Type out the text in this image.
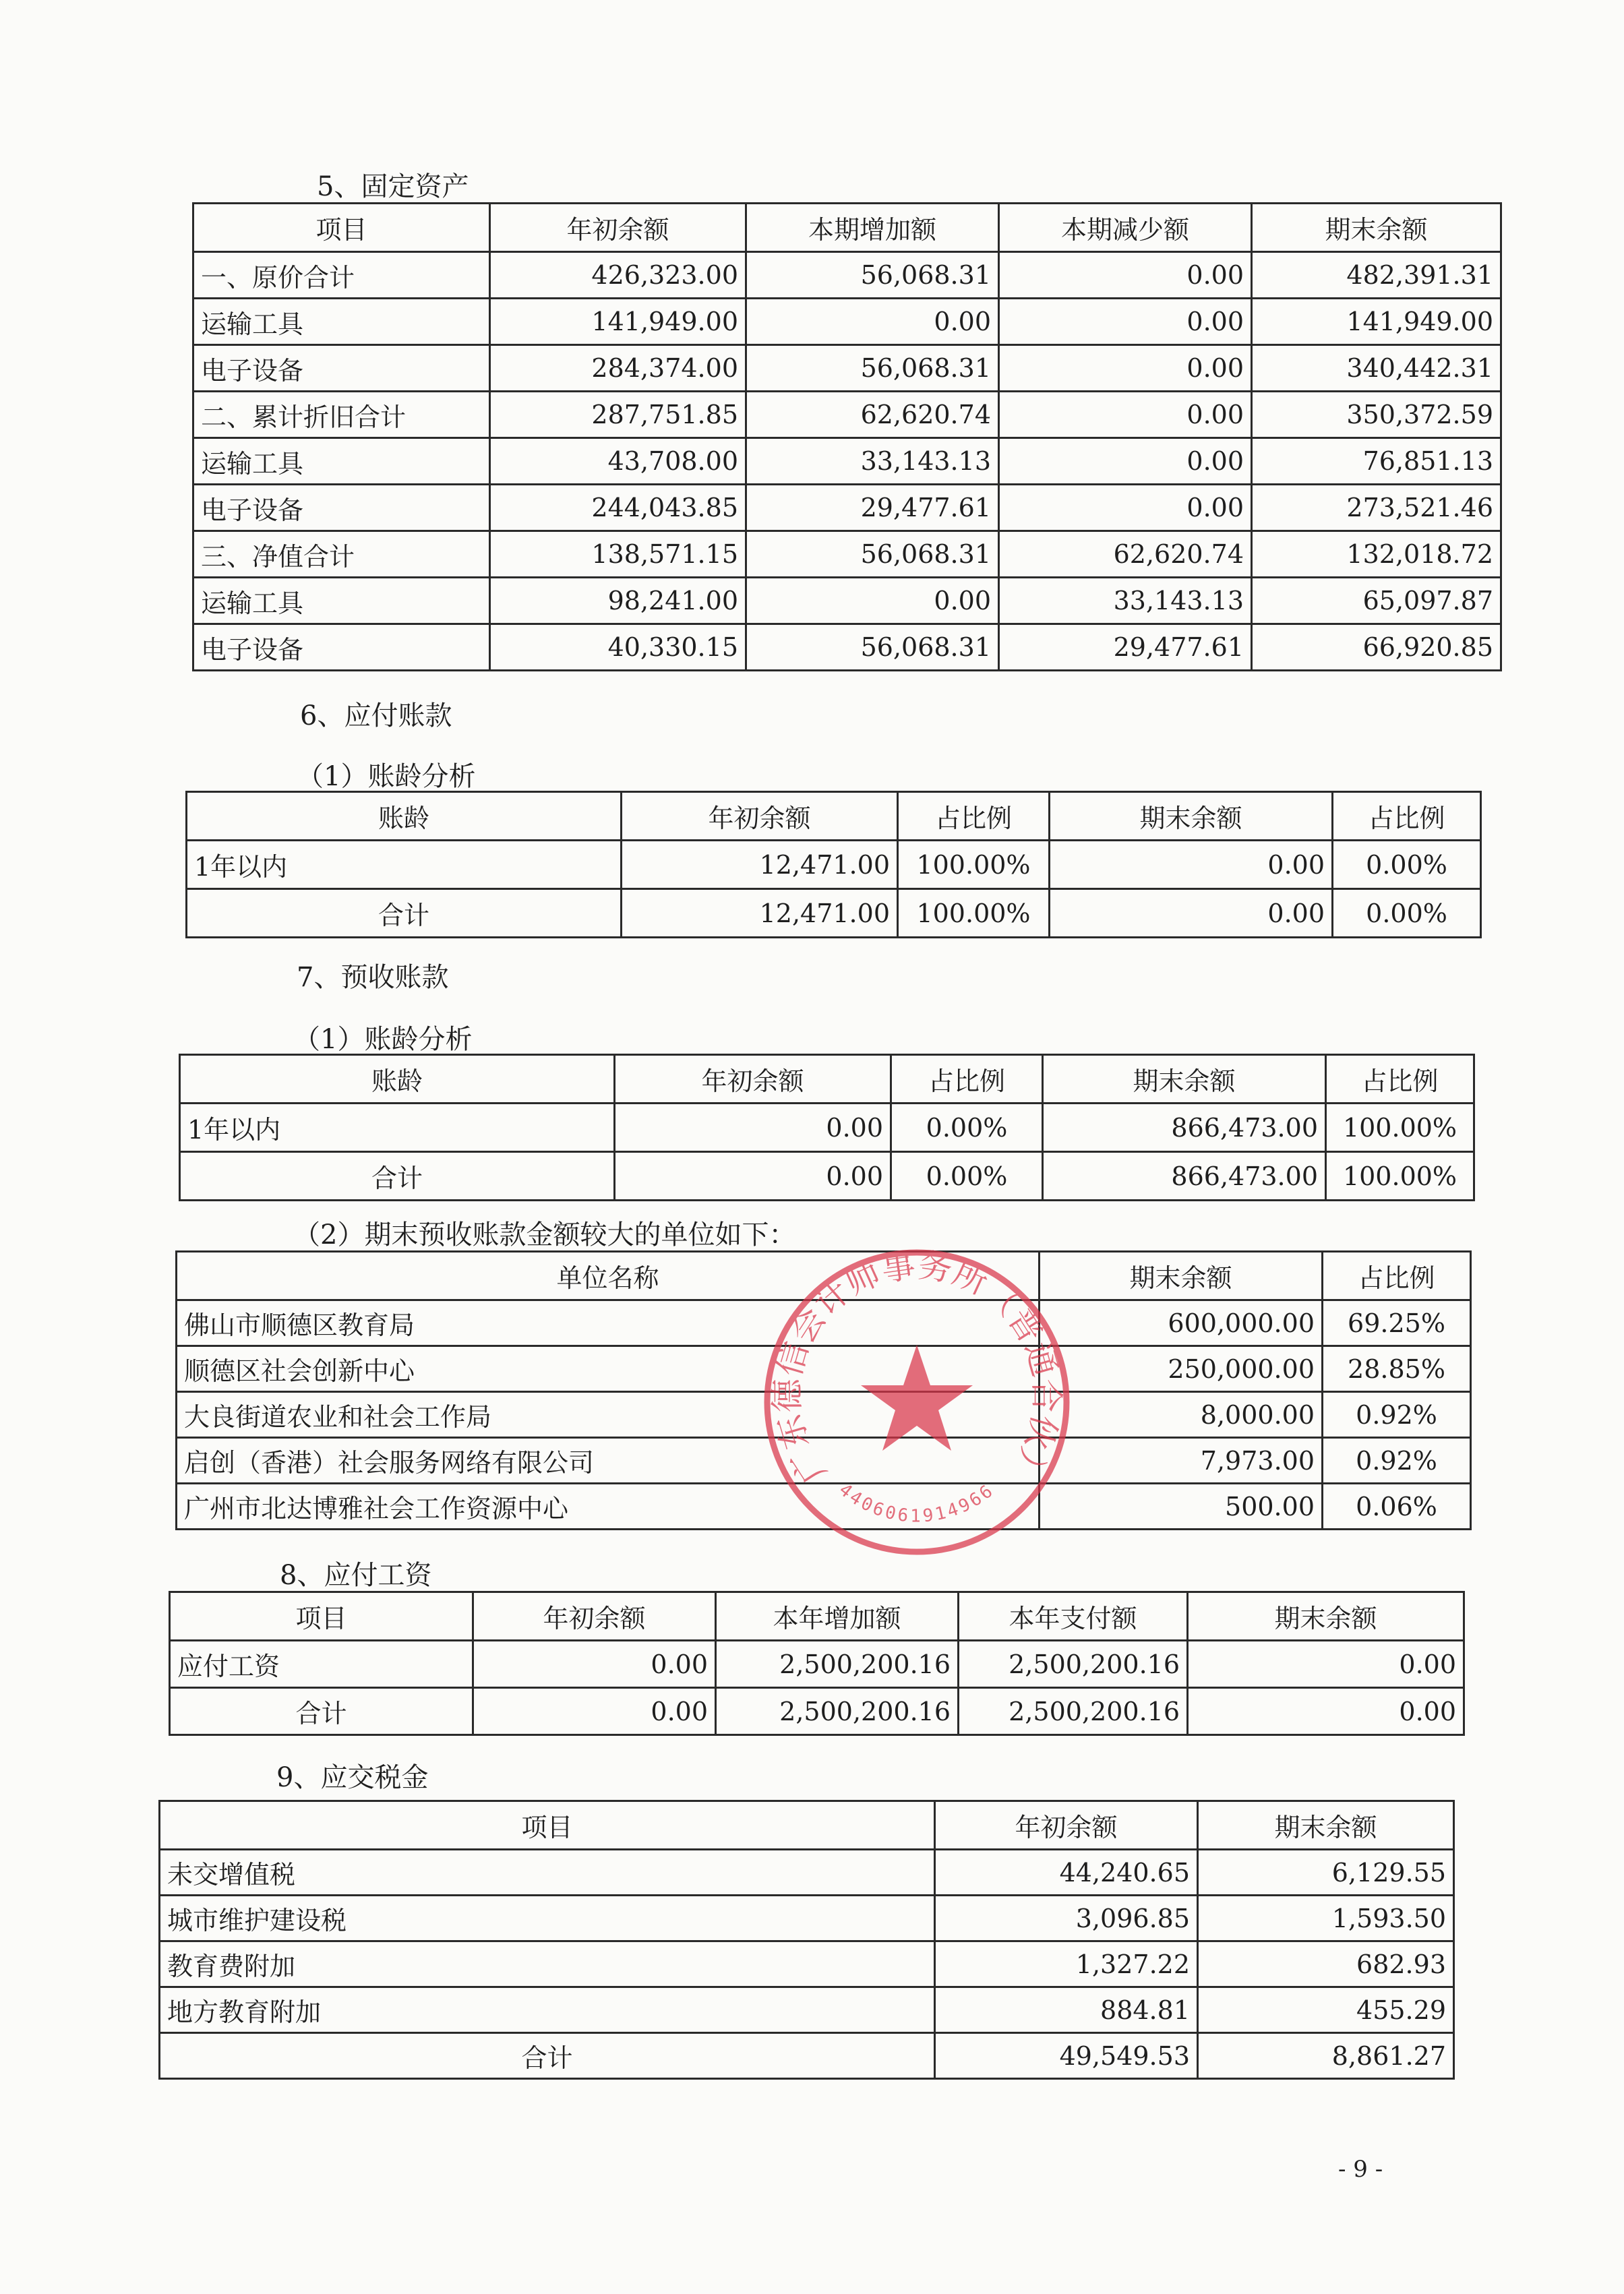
5、固定资产
项目	年初余额	本期增加额	本期减少额	期末余额
一、原价合计	426,323.00	56,068.31	0.00	482,391.31
运输工具	141,949.00	0.00	0.00	141,949.00
电子设备	284,374.00	56,068.31	0.00	340,442.31
二、累计折旧合计	287,751.85	62,620.74	0.00	350,372.59
运输工具	43,708.00	33,143.13	0.00	76,851.13
电子设备	244,043.85	29,477.61	0.00	273,521.46
三、净值合计	138,571.15	56,068.31	62,620.74	132,018.72
运输工具	98,241.00	0.00	33,143.13	65,097.87
电子设备	40,330.15	56,068.31	29,477.61	66,920.85
6、应付账款
（1）账龄分析
账龄	年初余额	占比例	期末余额	占比例
1年以内	12,471.00	100.00%	0.00	0.00%
合计	12,471.00	100.00%	0.00	0.00%
7、预收账款
（1）账龄分析
账龄	年初余额	占比例	期末余额	占比例
1年以内	0.00	0.00%	866,473.00	100.00%
合计	0.00	0.00%	866,473.00	100.00%
（2）期末预收账款金额较大的单位如下：
单位名称	期末余额	占比例
佛山市顺德区教育局	600,000.00	69.25%
顺德区社会创新中心	250,000.00	28.85%
大良街道农业和社会工作局	8,000.00	0.92%
启创（香港）社会服务网络有限公司	7,973.00	0.92%
广州市北达博雅社会工作资源中心	500.00	0.06%
8、应付工资
项目	年初余额	本年增加额	本年支付额	期末余额
应付工资	0.00	2,500,200.16	2,500,200.16	0.00
合计	0.00	2,500,200.16	2,500,200.16	0.00
9、应交税金
项目	年初余额	期末余额
未交增值税	44,240.65	6,129.55
城市维护建设税	3,096.85	1,593.50
教育费附加	1,327.22	682.93
地方教育附加	884.81	455.29
合计	49,549.53	8,861.27
广东德信会计师事务所（普通合伙）
4406061914966
- 9 -
